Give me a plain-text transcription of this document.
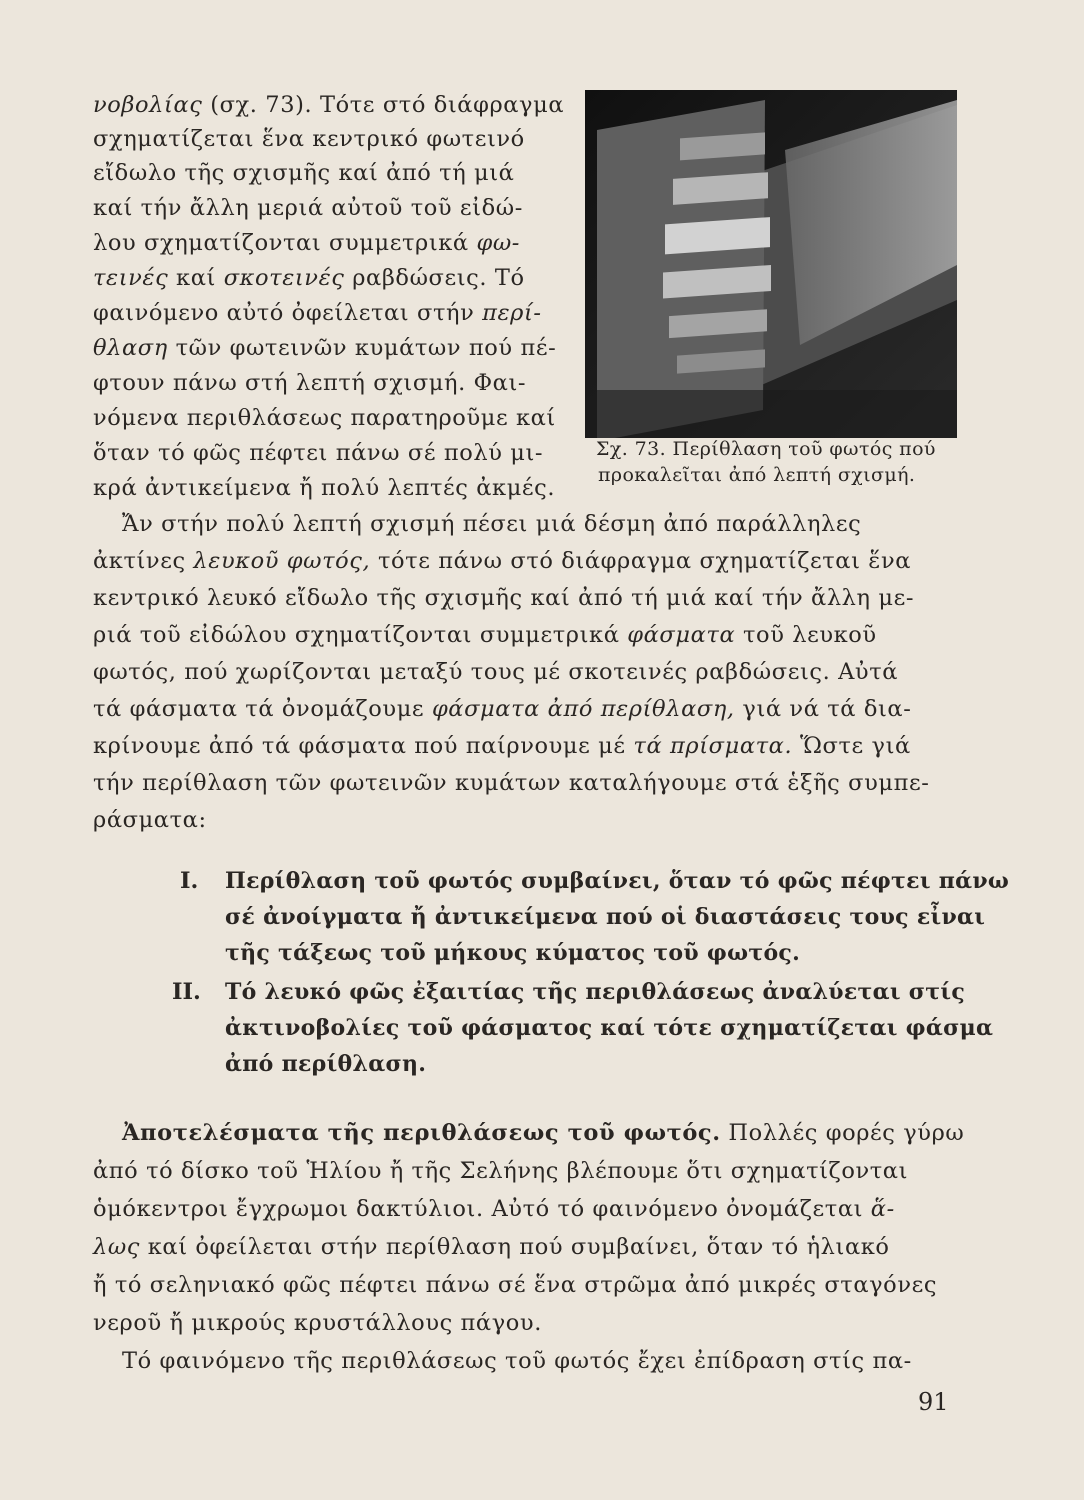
Σχ. 73. Περίθλαση τοῦ φωτός πού
προκαλεῖται ἀπό λεπτή σχισμή.
νοβολίας (σχ. 73). Τότε στό διάφραγμα
σχηματίζεται ἕνα κεντρικό φωτεινό
εἴδωλο τῆς σχισμῆς καί ἀπό τή μιά
καί τήν ἄλλη μεριά αὐτοῦ τοῦ εἰδώ-
λου σχηματίζονται συμμετρικά φω-
τεινές καί σκοτεινές ραβδώσεις. Τό
φαινόμενο αὐτό ὀφείλεται στήν περί-
θλαση τῶν φωτεινῶν κυμάτων πού πέ-
φτουν πάνω στή λεπτή σχισμή. Φαι-
νόμενα περιθλάσεως παρατηροῦμε καί
ὅταν τό φῶς πέφτει πάνω σέ πολύ μι-
κρά ἀντικείμενα ἤ πολύ λεπτές ἀκμές.
Ἄν στήν πολύ λεπτή σχισμή πέσει μιά δέσμη ἀπό παράλληλες
ἀκτίνες λευκοῦ φωτός, τότε πάνω στό διάφραγμα σχηματίζεται ἕνα
κεντρικό λευκό εἴδωλο τῆς σχισμῆς καί ἀπό τή μιά καί τήν ἄλλη με-
ριά τοῦ εἰδώλου σχηματίζονται συμμετρικά φάσματα τοῦ λευκοῦ
φωτός, πού χωρίζονται μεταξύ τους μέ σκοτεινές ραβδώσεις. Αὐτά
τά φάσματα τά ὀνομάζουμε φάσματα ἀπό περίθλαση, γιά νά τά δια-
κρίνουμε ἀπό τά φάσματα πού παίρνουμε μέ τά πρίσματα. Ὥστε γιά
τήν περίθλαση τῶν φωτεινῶν κυμάτων καταλήγουμε στά ἑξῆς συμπε-
ράσματα:
I. Περίθλαση τοῦ φωτός συμβαίνει, ὅταν τό φῶς πέφτει πάνω
σέ ἀνοίγματα ἤ ἀντικείμενα πού οἱ διαστάσεις τους εἶναι
τῆς τάξεως τοῦ μήκους κύματος τοῦ φωτός.
II. Τό λευκό φῶς ἐξαιτίας τῆς περιθλάσεως ἀναλύεται στίς
ἀκτινοβολίες τοῦ φάσματος καί τότε σχηματίζεται φάσμα
ἀπό περίθλαση.
Ἀποτελέσματα τῆς περιθλάσεως τοῦ φωτός. Πολλές φορές γύρω
ἀπό τό δίσκο τοῦ Ἡλίου ἤ τῆς Σελήνης βλέπουμε ὅτι σχηματίζονται
ὁμόκεντροι ἔγχρωμοι δακτύλιοι. Αὐτό τό φαινόμενο ὀνομάζεται ἅ-
λως καί ὀφείλεται στήν περίθλαση πού συμβαίνει, ὅταν τό ἡλιακό
ἤ τό σεληνιακό φῶς πέφτει πάνω σέ ἕνα στρῶμα ἀπό μικρές σταγόνες
νεροῦ ἤ μικρούς κρυστάλλους πάγου.
Τό φαινόμενο τῆς περιθλάσεως τοῦ φωτός ἔχει ἐπίδραση στίς πα-
91
